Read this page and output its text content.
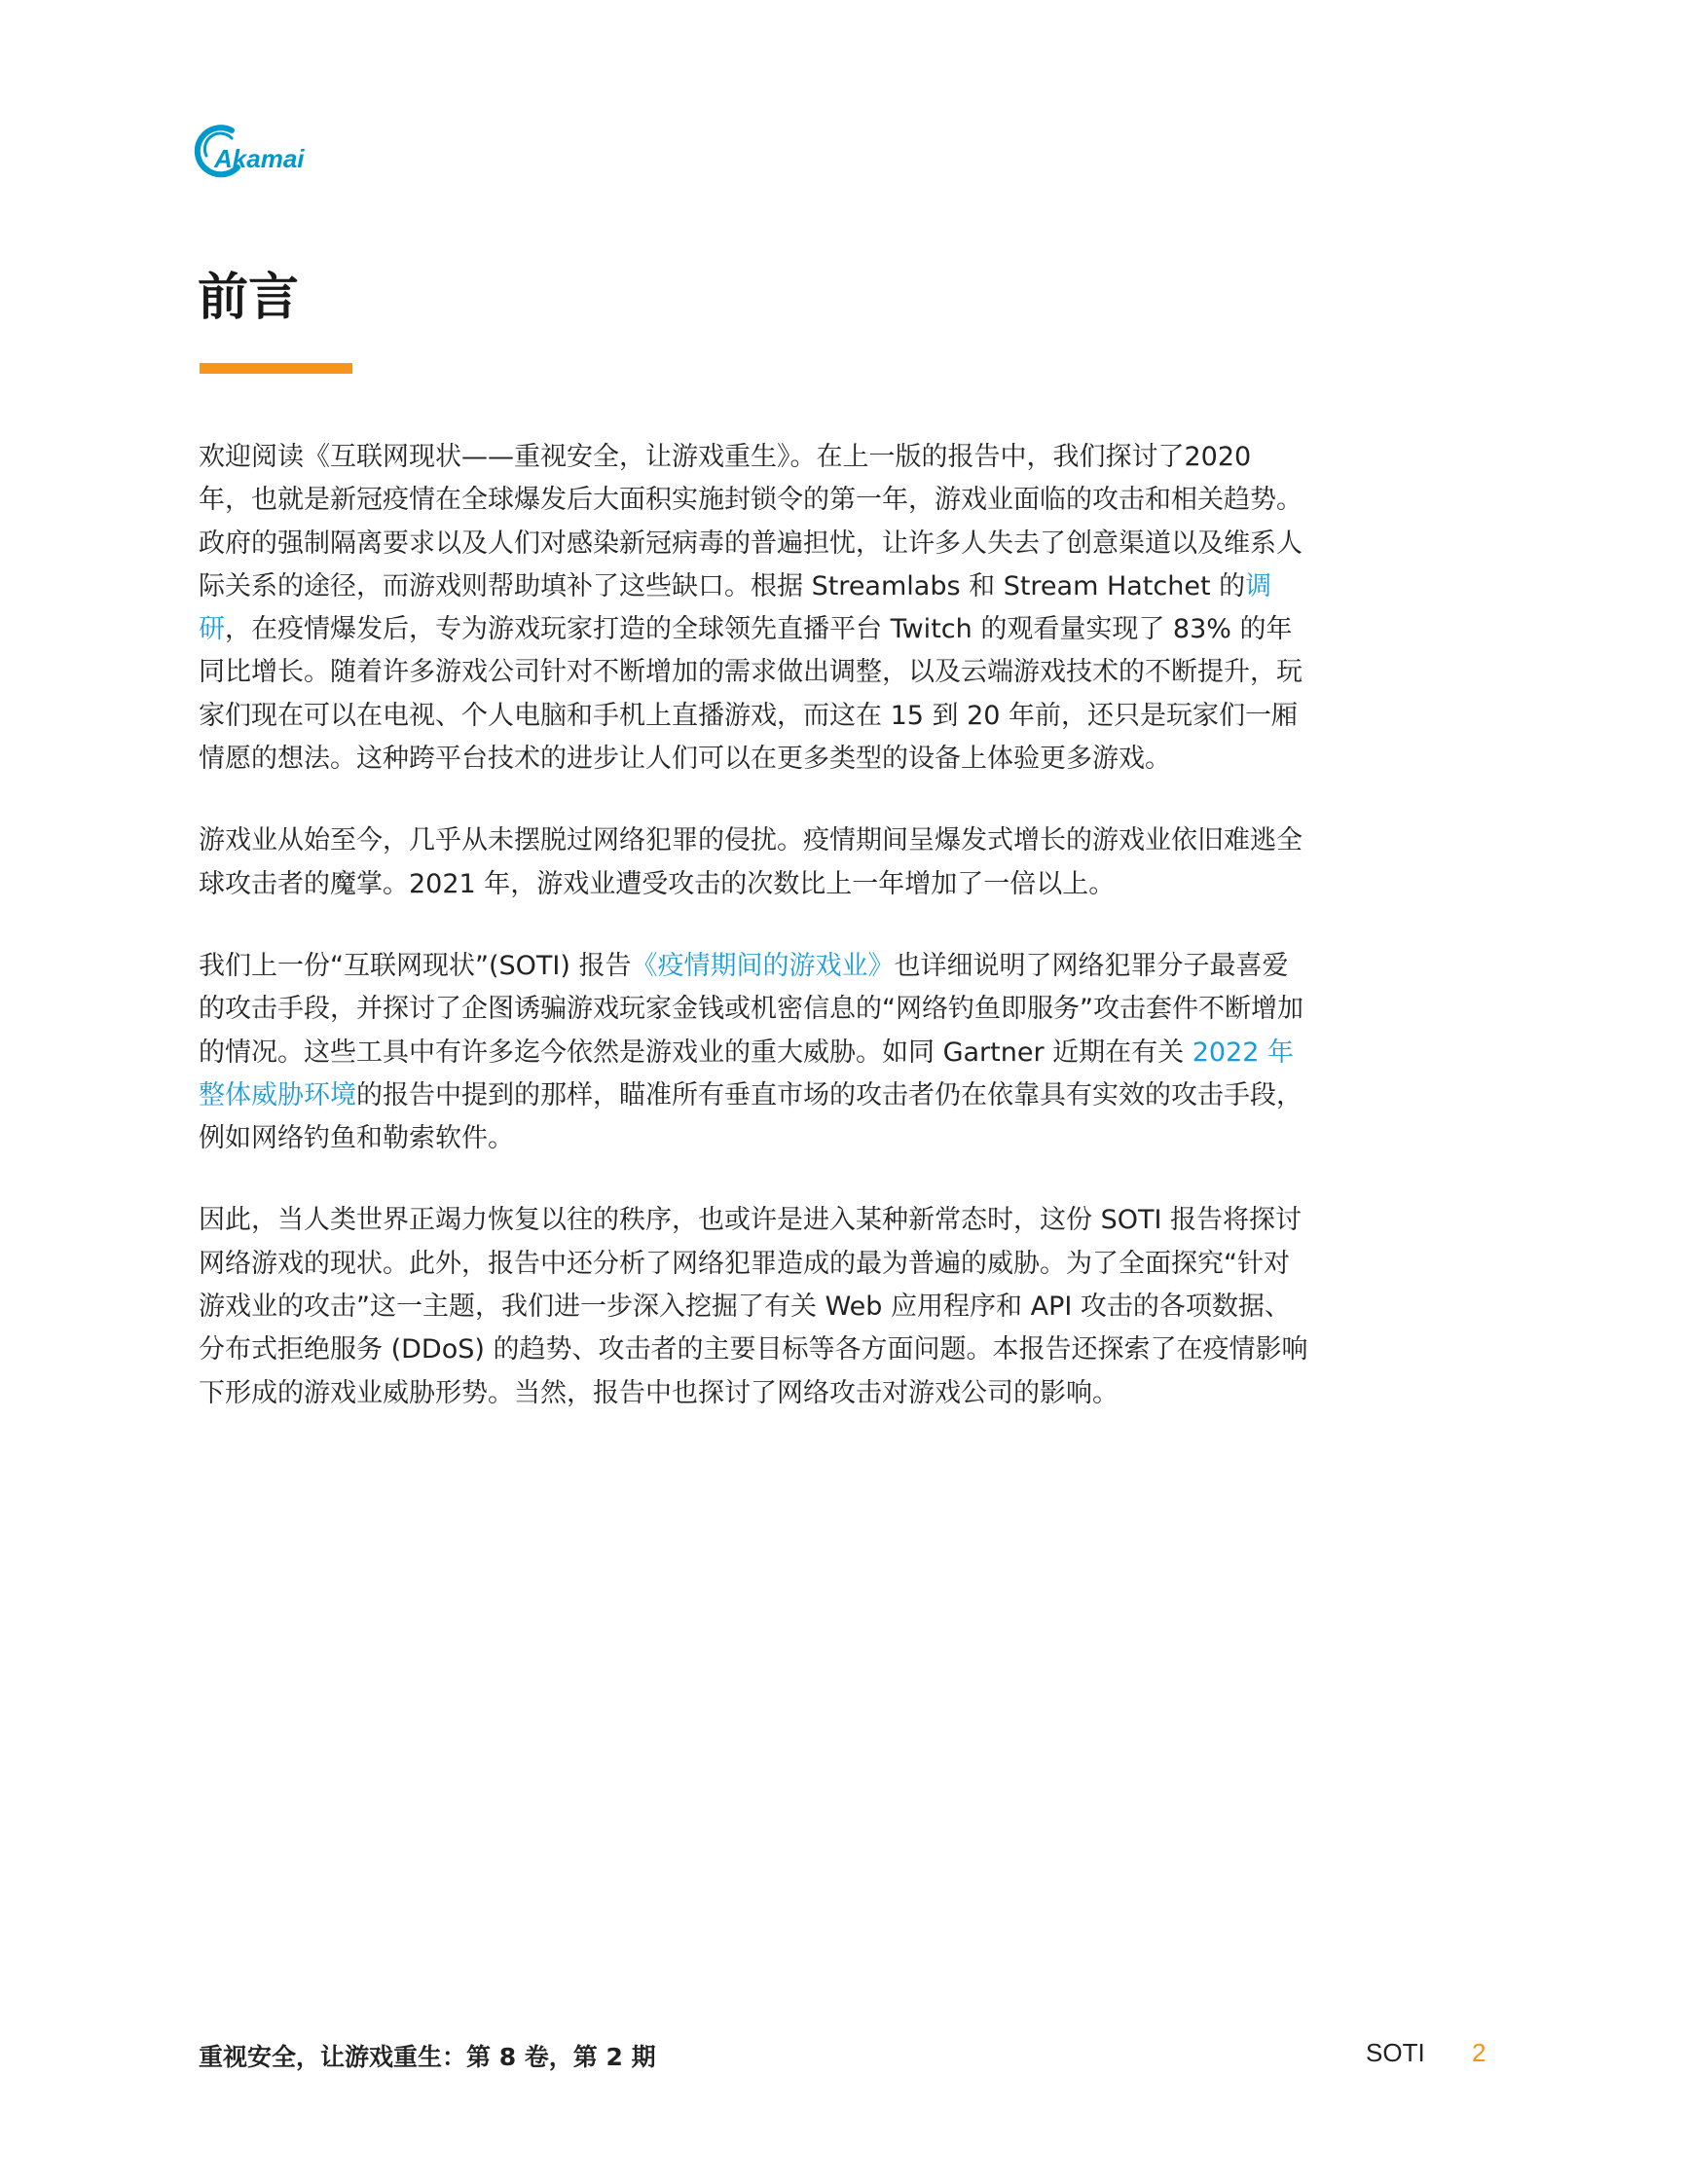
Akamai
前言

欢迎阅读《互联网现状——重视安全，让游戏重生》。在上一版的报告中，我们探讨了2020 年，也就是新冠疫情在全球爆发后大面积实施封锁令的第一年，游戏业面临的攻击和相关趋势。政府的强制隔离要求以及人们对感染新冠病毒的普遍担忧，让许多人失去了创意渠道以及维系人际关系的途径，而游戏则帮助填补了这些缺口。根据 Streamlabs 和 Stream Hatchet 的调研，在疫情爆发后，专为游戏玩家打造的全球领先直播平台 Twitch 的观看量实现了 83% 的年同比增长。随着许多游戏公司针对不断增加的需求做出调整，以及云端游戏技术的不断提升，玩家们现在可以在电视、个人电脑和手机上直播游戏，而这在 15 到 20 年前，还只是玩家们一厢情愿的想法。这种跨平台技术的进步让人们可以在更多类型的设备上体验更多游戏。

游戏业从始至今，几乎从未摆脱过网络犯罪的侵扰。疫情期间呈爆发式增长的游戏业依旧难逃全球攻击者的魔掌。2021 年，游戏业遭受攻击的次数比上一年增加了一倍以上。

我们上一份“互联网现状”(SOTI) 报告《疫情期间的游戏业》也详细说明了网络犯罪分子最喜爱的攻击手段，并探讨了企图诱骗游戏玩家金钱或机密信息的“网络钓鱼即服务”攻击套件不断增加的情况。这些工具中有许多迄今依然是游戏业的重大威胁。如同 Gartner 近期在有关 2022 年整体威胁环境的报告中提到的那样，瞄准所有垂直市场的攻击者仍在依靠具有实效的攻击手段，例如网络钓鱼和勒索软件。

因此，当人类世界正竭力恢复以往的秩序，也或许是进入某种新常态时，这份 SOTI 报告将探讨网络游戏的现状。此外，报告中还分析了网络犯罪造成的最为普遍的威胁。为了全面探究“针对游戏业的攻击”这一主题，我们进一步深入挖掘了有关 Web 应用程序和 API 攻击的各项数据、分布式拒绝服务 (DDoS) 的趋势、攻击者的主要目标等各方面问题。本报告还探索了在疫情影响下形成的游戏业威胁形势。当然，报告中也探讨了网络攻击对游戏公司的影响。

重视安全，让游戏重生：第 8 卷，第 2 期	SOTI 2
